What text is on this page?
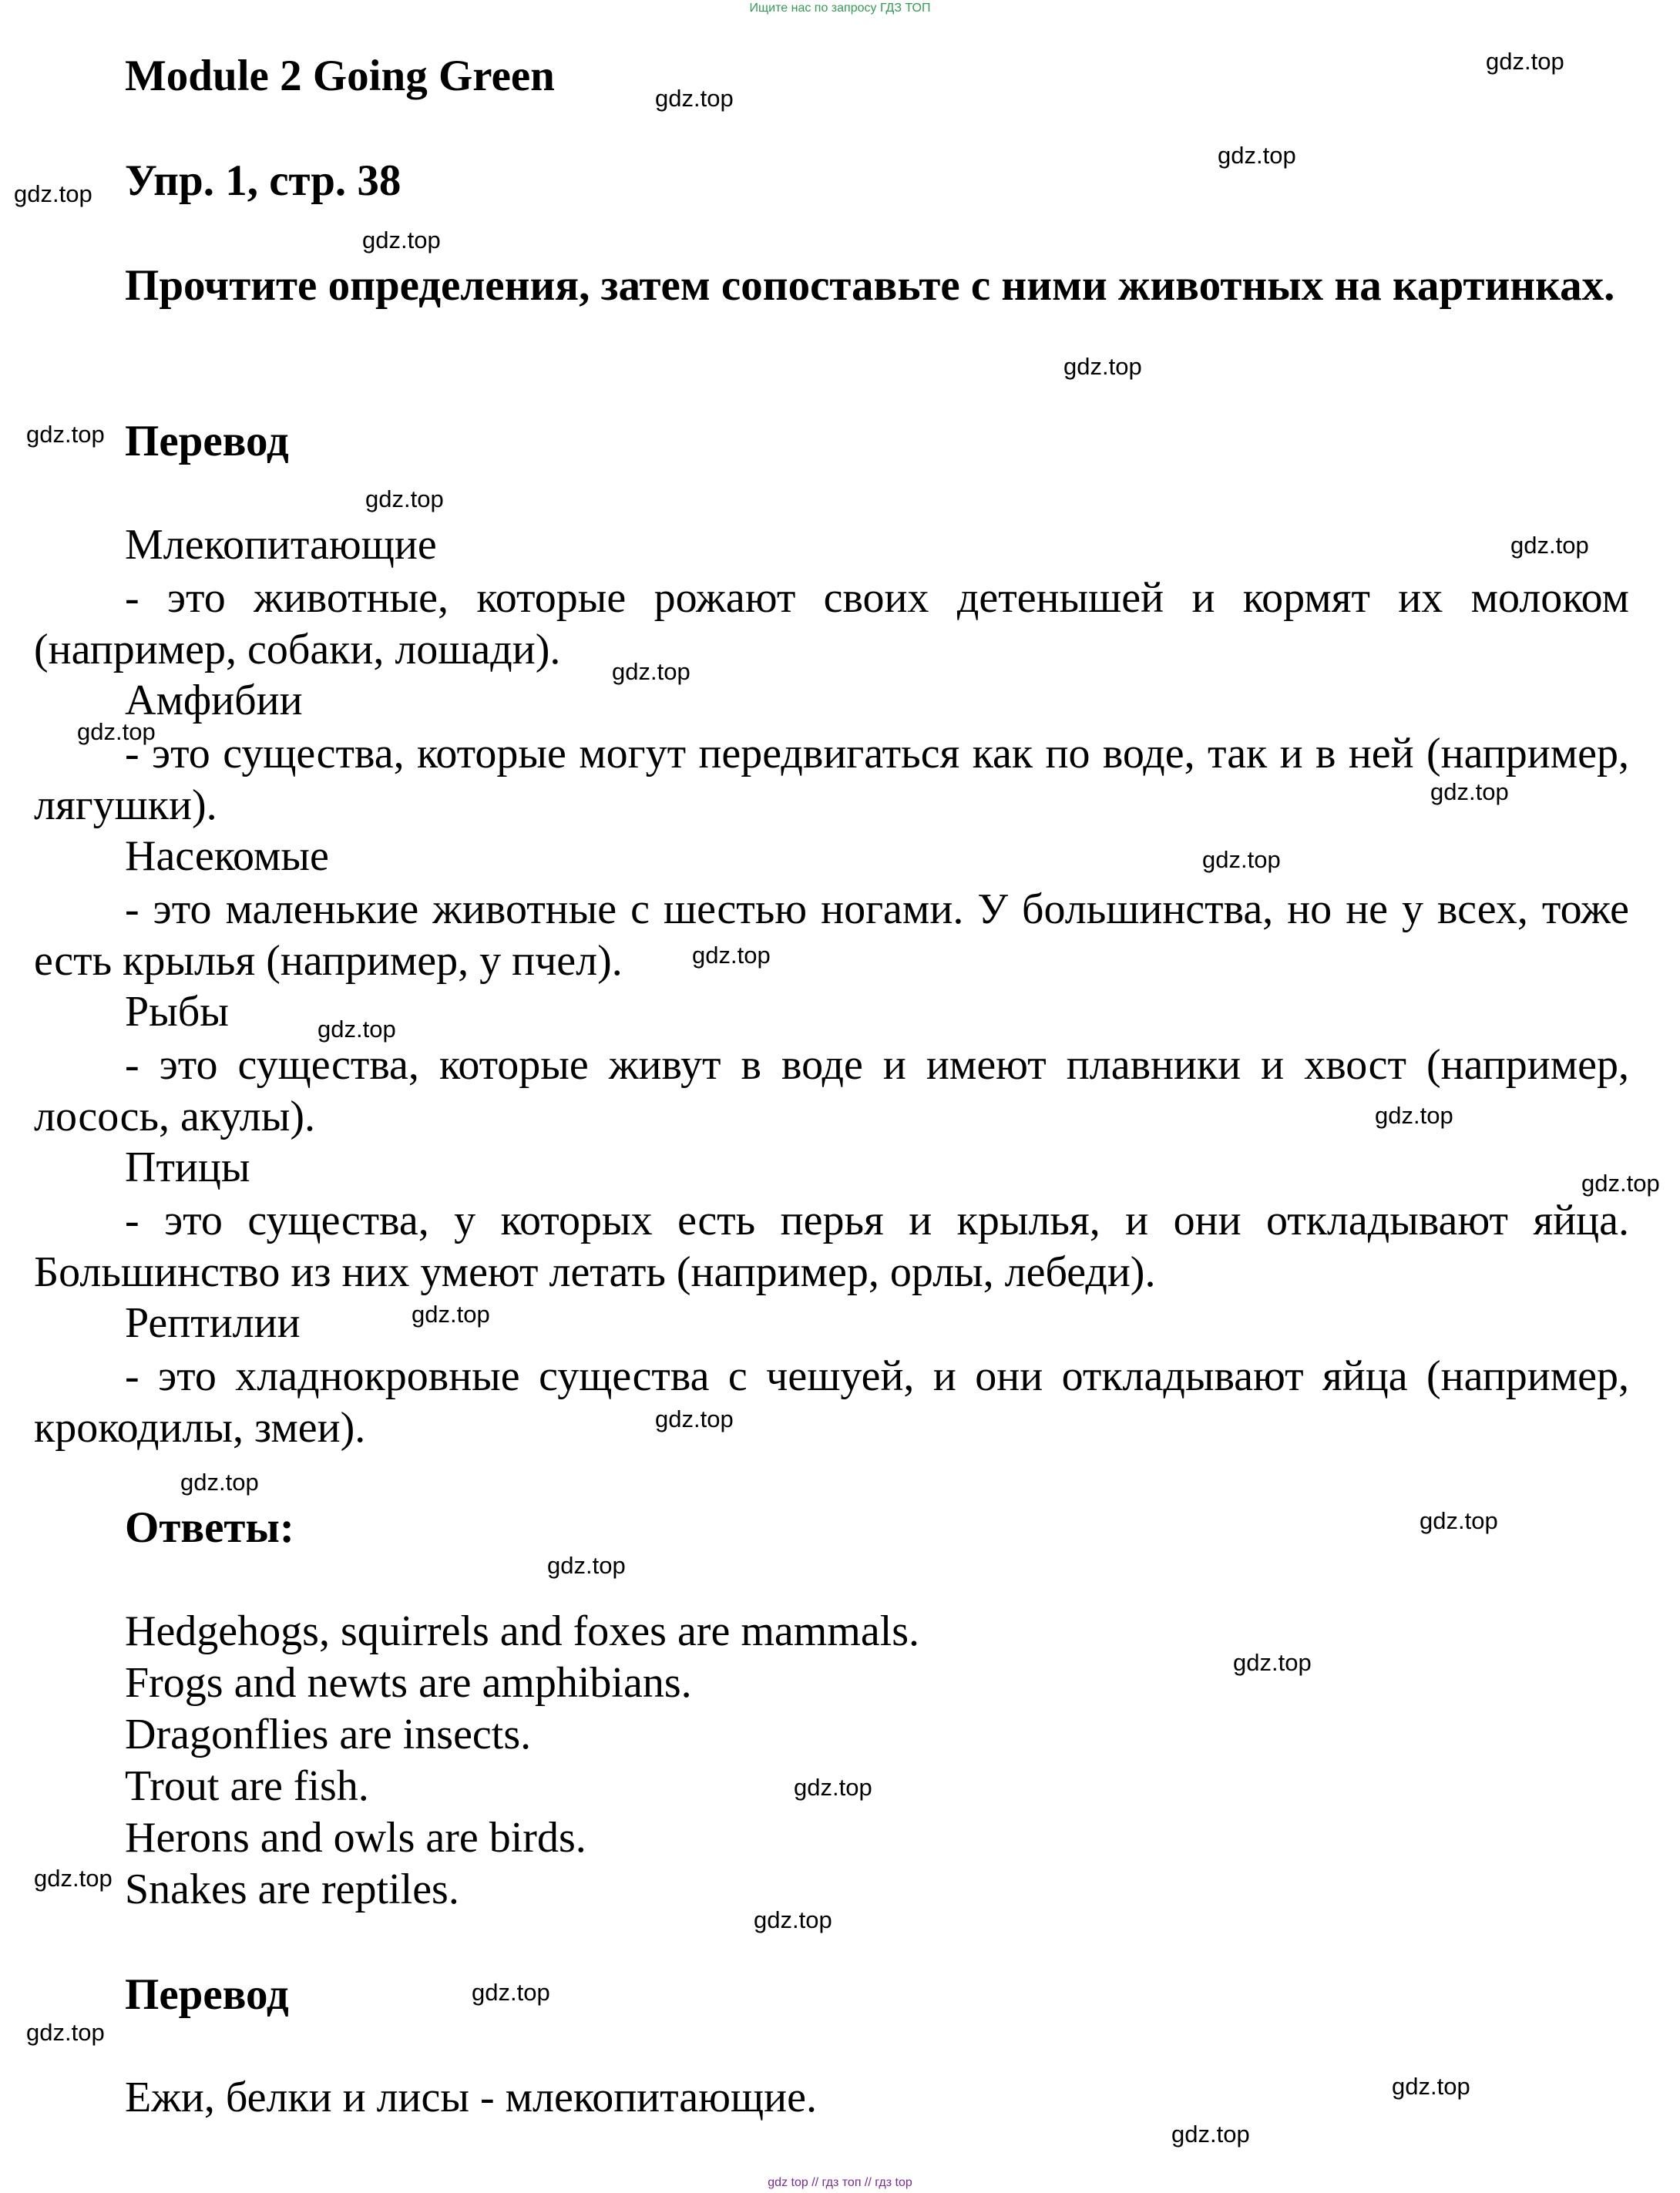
Ищите нас по запросу ГДЗ ТОП
gdz top // гдз топ // гдз top
Module 2 Going Green
Упр. 1, стр. 38
Прочтите определения, затем сопоставьте с ними животных на картинках.
Перевод
Млекопитающие
- это животные, которые рожают своих детенышей и кормят их молоком (например, собаки, лошади).
Амфибии
- это существа, которые могут передвигаться как по воде, так и в ней (например, лягушки).
Насекомые
- это маленькие животные с шестью ногами. У большинства, но не у всех, тоже есть крылья (например, у пчел).
Рыбы
- это существа, которые живут в воде и имеют плавники и хвост (например, лосось, акулы).
Птицы
- это существа, у которых есть перья и крылья, и они откладывают яйца. Большинство из них умеют летать (например, орлы, лебеди).
Рептилии
- это хладнокровные существа с чешуей, и они откладывают яйца (например, крокодилы, змеи).
Ответы:
Hedgehogs, squirrels and foxes are mammals.
Frogs and newts are amphibians.
Dragonflies are insects.
Trout are fish.
Herons and owls are birds.
Snakes are reptiles.
Перевод
Ежи, белки и лисы - млекопитающие.
gdz.top
gdz.top
gdz.top
gdz.top
gdz.top
gdz.top
gdz.top
gdz.top
gdz.top
gdz.top
gdz.top
gdz.top
gdz.top
gdz.top
gdz.top
gdz.top
gdz.top
gdz.top
gdz.top
gdz.top
gdz.top
gdz.top
gdz.top
gdz.top
gdz.top
gdz.top
gdz.top
gdz.top
gdz.top
gdz.top
